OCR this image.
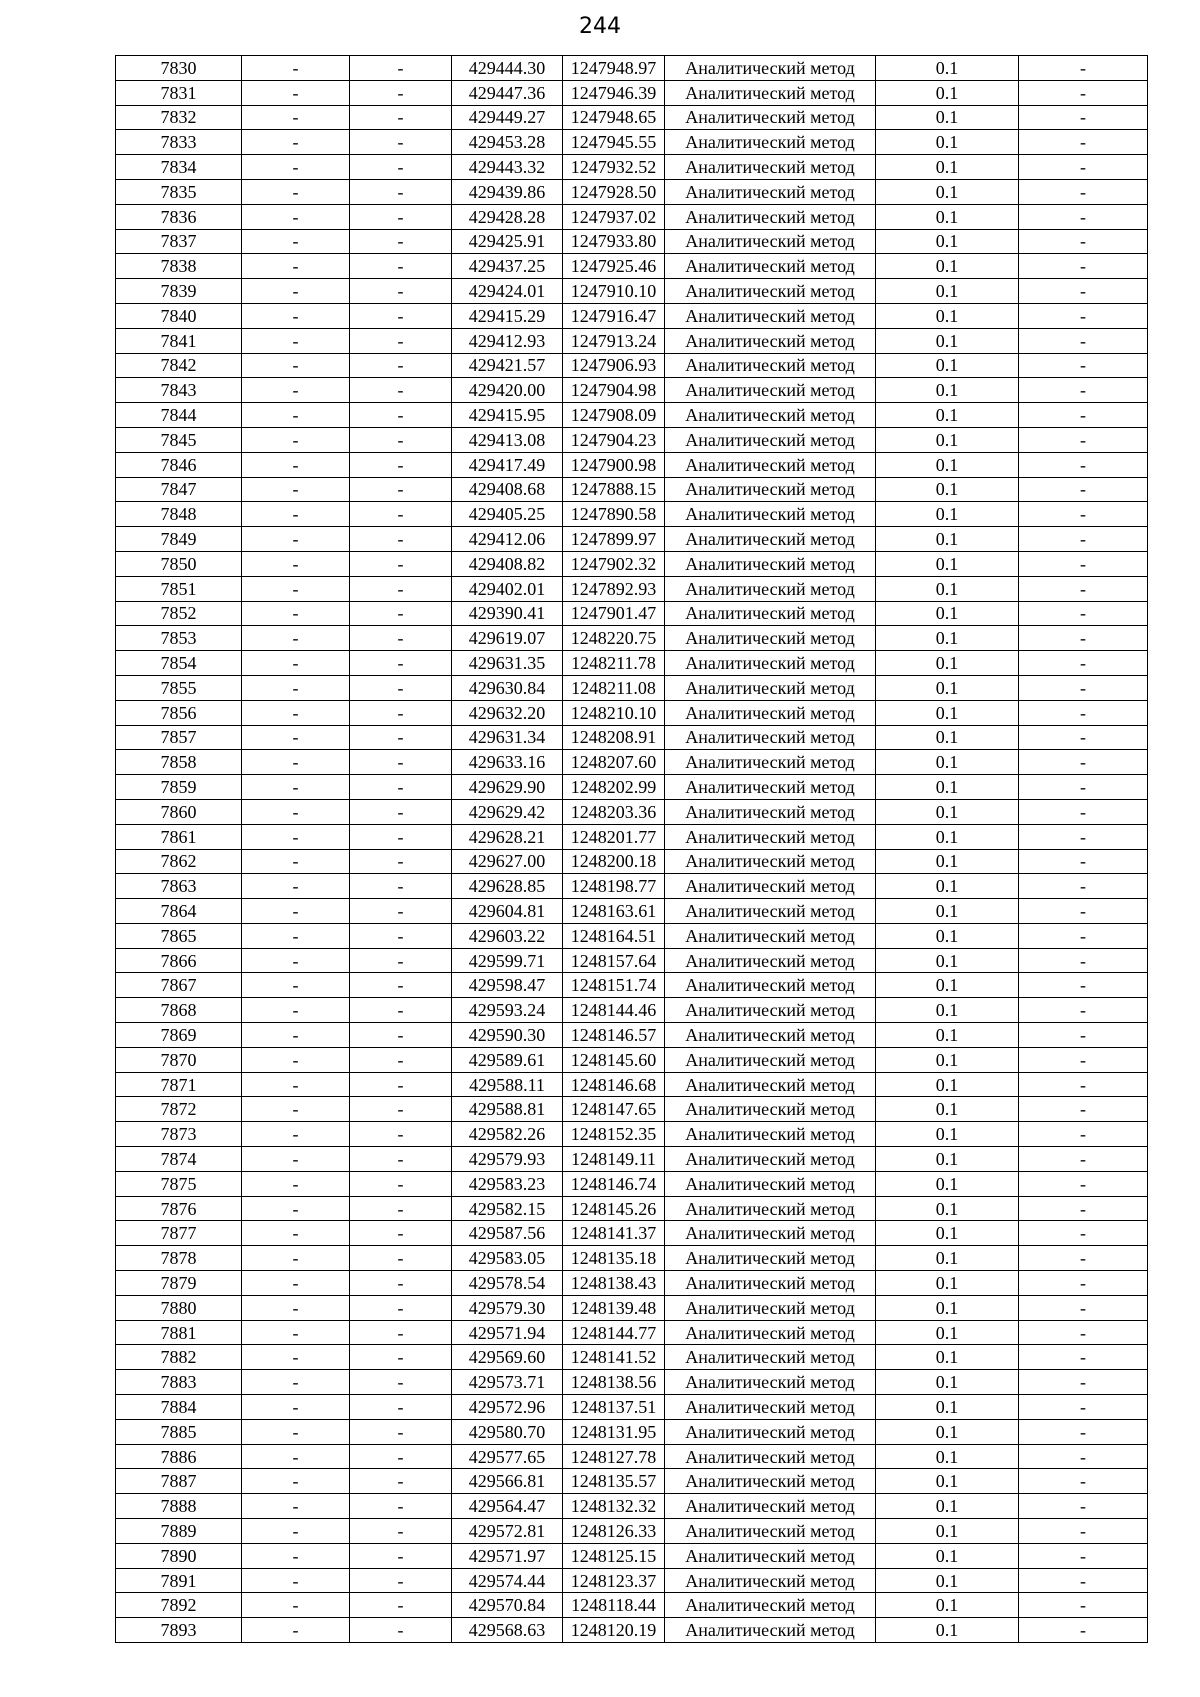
244
7830	-	-	429444.30	1247948.97	Аналитический метод	0.1	-
7831	-	-	429447.36	1247946.39	Аналитический метод	0.1	-
7832	-	-	429449.27	1247948.65	Аналитический метод	0.1	-
7833	-	-	429453.28	1247945.55	Аналитический метод	0.1	-
7834	-	-	429443.32	1247932.52	Аналитический метод	0.1	-
7835	-	-	429439.86	1247928.50	Аналитический метод	0.1	-
7836	-	-	429428.28	1247937.02	Аналитический метод	0.1	-
7837	-	-	429425.91	1247933.80	Аналитический метод	0.1	-
7838	-	-	429437.25	1247925.46	Аналитический метод	0.1	-
7839	-	-	429424.01	1247910.10	Аналитический метод	0.1	-
7840	-	-	429415.29	1247916.47	Аналитический метод	0.1	-
7841	-	-	429412.93	1247913.24	Аналитический метод	0.1	-
7842	-	-	429421.57	1247906.93	Аналитический метод	0.1	-
7843	-	-	429420.00	1247904.98	Аналитический метод	0.1	-
7844	-	-	429415.95	1247908.09	Аналитический метод	0.1	-
7845	-	-	429413.08	1247904.23	Аналитический метод	0.1	-
7846	-	-	429417.49	1247900.98	Аналитический метод	0.1	-
7847	-	-	429408.68	1247888.15	Аналитический метод	0.1	-
7848	-	-	429405.25	1247890.58	Аналитический метод	0.1	-
7849	-	-	429412.06	1247899.97	Аналитический метод	0.1	-
7850	-	-	429408.82	1247902.32	Аналитический метод	0.1	-
7851	-	-	429402.01	1247892.93	Аналитический метод	0.1	-
7852	-	-	429390.41	1247901.47	Аналитический метод	0.1	-
7853	-	-	429619.07	1248220.75	Аналитический метод	0.1	-
7854	-	-	429631.35	1248211.78	Аналитический метод	0.1	-
7855	-	-	429630.84	1248211.08	Аналитический метод	0.1	-
7856	-	-	429632.20	1248210.10	Аналитический метод	0.1	-
7857	-	-	429631.34	1248208.91	Аналитический метод	0.1	-
7858	-	-	429633.16	1248207.60	Аналитический метод	0.1	-
7859	-	-	429629.90	1248202.99	Аналитический метод	0.1	-
7860	-	-	429629.42	1248203.36	Аналитический метод	0.1	-
7861	-	-	429628.21	1248201.77	Аналитический метод	0.1	-
7862	-	-	429627.00	1248200.18	Аналитический метод	0.1	-
7863	-	-	429628.85	1248198.77	Аналитический метод	0.1	-
7864	-	-	429604.81	1248163.61	Аналитический метод	0.1	-
7865	-	-	429603.22	1248164.51	Аналитический метод	0.1	-
7866	-	-	429599.71	1248157.64	Аналитический метод	0.1	-
7867	-	-	429598.47	1248151.74	Аналитический метод	0.1	-
7868	-	-	429593.24	1248144.46	Аналитический метод	0.1	-
7869	-	-	429590.30	1248146.57	Аналитический метод	0.1	-
7870	-	-	429589.61	1248145.60	Аналитический метод	0.1	-
7871	-	-	429588.11	1248146.68	Аналитический метод	0.1	-
7872	-	-	429588.81	1248147.65	Аналитический метод	0.1	-
7873	-	-	429582.26	1248152.35	Аналитический метод	0.1	-
7874	-	-	429579.93	1248149.11	Аналитический метод	0.1	-
7875	-	-	429583.23	1248146.74	Аналитический метод	0.1	-
7876	-	-	429582.15	1248145.26	Аналитический метод	0.1	-
7877	-	-	429587.56	1248141.37	Аналитический метод	0.1	-
7878	-	-	429583.05	1248135.18	Аналитический метод	0.1	-
7879	-	-	429578.54	1248138.43	Аналитический метод	0.1	-
7880	-	-	429579.30	1248139.48	Аналитический метод	0.1	-
7881	-	-	429571.94	1248144.77	Аналитический метод	0.1	-
7882	-	-	429569.60	1248141.52	Аналитический метод	0.1	-
7883	-	-	429573.71	1248138.56	Аналитический метод	0.1	-
7884	-	-	429572.96	1248137.51	Аналитический метод	0.1	-
7885	-	-	429580.70	1248131.95	Аналитический метод	0.1	-
7886	-	-	429577.65	1248127.78	Аналитический метод	0.1	-
7887	-	-	429566.81	1248135.57	Аналитический метод	0.1	-
7888	-	-	429564.47	1248132.32	Аналитический метод	0.1	-
7889	-	-	429572.81	1248126.33	Аналитический метод	0.1	-
7890	-	-	429571.97	1248125.15	Аналитический метод	0.1	-
7891	-	-	429574.44	1248123.37	Аналитический метод	0.1	-
7892	-	-	429570.84	1248118.44	Аналитический метод	0.1	-
7893	-	-	429568.63	1248120.19	Аналитический метод	0.1	-
